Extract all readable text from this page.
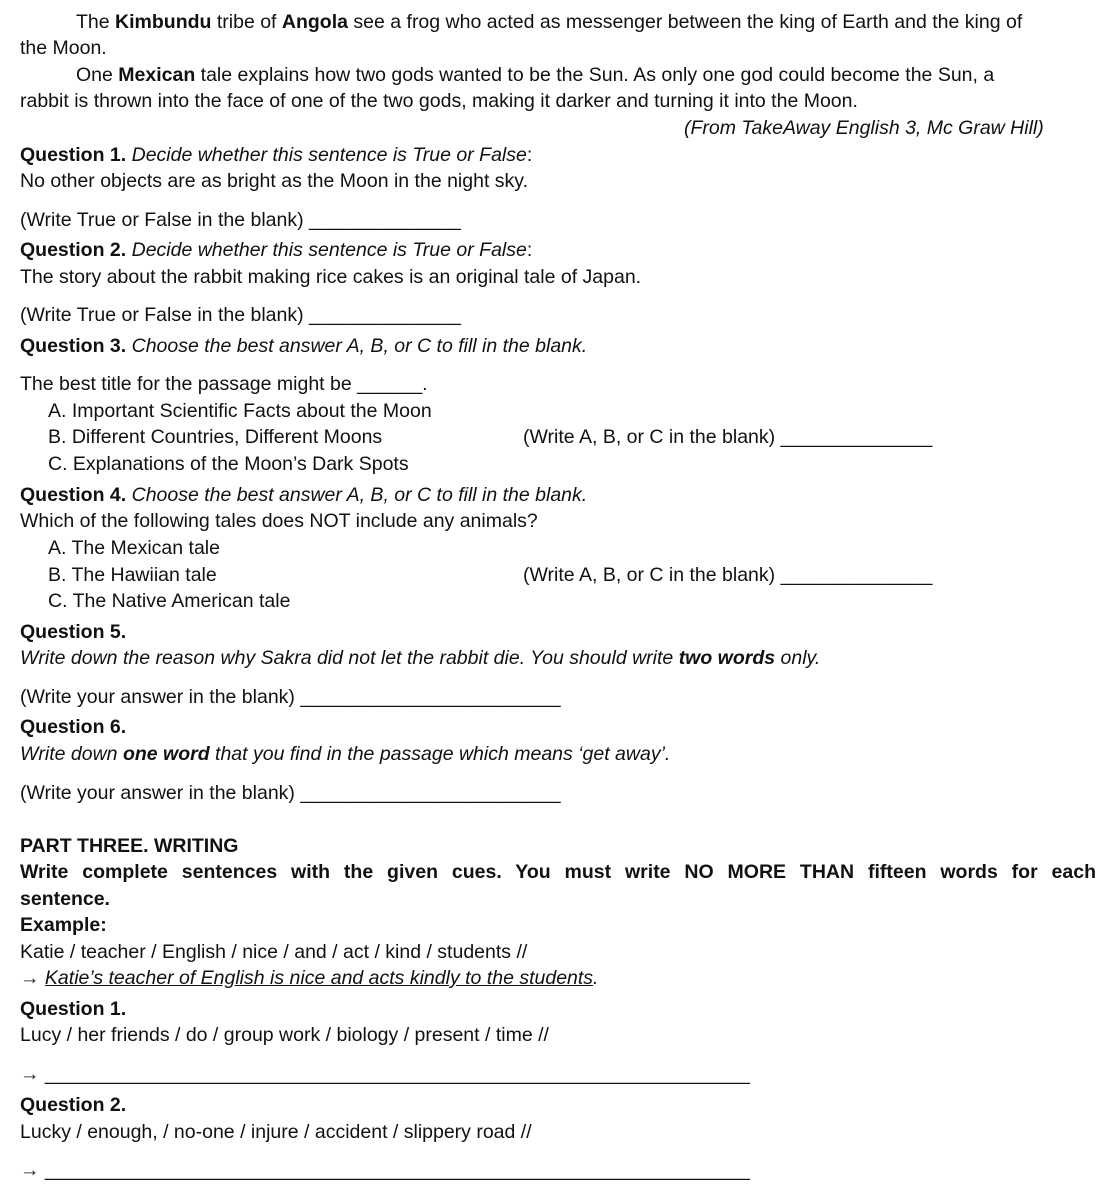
The Kimbundu tribe of Angola see a frog who acted as messenger between the king of Earth and the king of
the Moon.
One Mexican tale explains how two gods wanted to be the Sun. As only one god could become the Sun, a
rabbit is thrown into the face of one of the two gods, making it darker and turning it into the Moon.
(From TakeAway English 3, Mc Graw Hill)
Question 1. Decide whether this sentence is True or False:
No other objects are as bright as the Moon in the night sky.
(Write True or False in the blank) ______________
Question 2. Decide whether this sentence is True or False:
The story about the rabbit making rice cakes is an original tale of Japan.
(Write True or False in the blank) ______________
Question 3. Choose the best answer A, B, or C to fill in the blank.
The best title for the passage might be ______.
A. Important Scientific Facts about the Moon
B. Different Countries, Different Moons	(Write A, B, or C in the blank) ______________
C. Explanations of the Moon’s Dark Spots
Question 4. Choose the best answer A, B, or C to fill in the blank.
Which of the following tales does NOT include any animals?
A. The Mexican tale
B. The Hawiian tale	(Write A, B, or C in the blank) ______________
C. The Native American tale
Question 5.
Write down the reason why Sakra did not let the rabbit die. You should write two words only.
(Write your answer in the blank) ________________________
Question 6.
Write down one word that you find in the passage which means ‘get away’.
(Write your answer in the blank) ________________________
PART THREE. WRITING
Write complete sentences with the given cues. You must write NO MORE THAN fifteen words for each
sentence.
Example:
Katie / teacher / English / nice / and / act / kind / students //
→ Katie’s teacher of English is nice and acts kindly to the students.
Question 1.
Lucy / her friends / do / group work / biology / present / time //
→ _________________________________________________________________
Question 2.
Lucky / enough, / no-one / injure / accident / slippery road //
→ _________________________________________________________________
